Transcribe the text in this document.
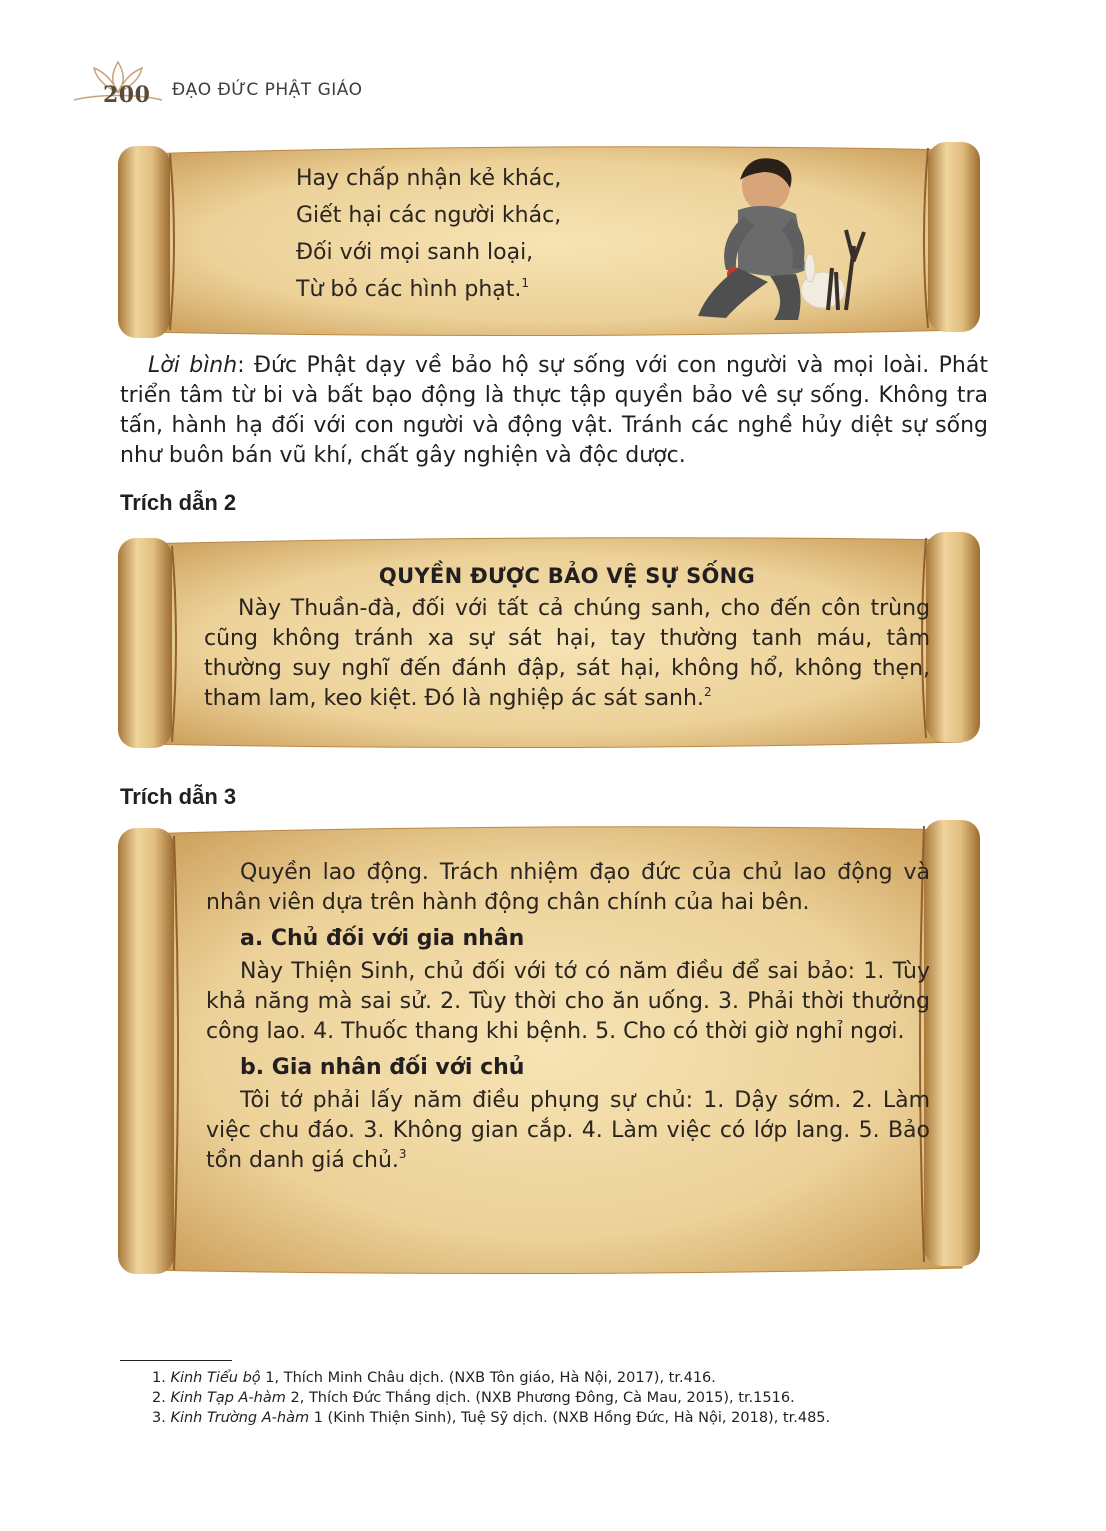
200 ĐẠO ĐỨC PHẬT GIÁO
Hay chấp nhận kẻ khác,
Giết hại các người khác,
Đối với mọi sanh loại,
Từ bỏ các hình phạt.$^1$
Lời bình: Đức Phật dạy về bảo hộ sự sống với con người và mọi loài. Phát triển tâm từ bi và bất bạo động là thực tập quyền bảo vê sự sống. Không tra tấn, hành hạ đối với con người và động vật. Tránh các nghề hủy diệt sự sống như buôn bán vũ khí, chất gây nghiện và độc dược.
Trích dẫn 2
QUYỀN ĐƯỢC BẢO VỆ SỰ SỐNG
Này Thuần-đà, đối với tất cả chúng sanh, cho đến côn trùng cũng không tránh xa sự sát hại, tay thường tanh máu, tâm thường suy nghĩ đến đánh đập, sát hại, không hổ, không thẹn, tham lam, keo kiệt. Đó là nghiệp ác sát sanh.$^2$
Trích dẫn 3
Quyền lao động. Trách nhiệm đạo đức của chủ lao động và nhân viên dựa trên hành động chân chính của hai bên.
a. Chủ đối với gia nhân
Này Thiện Sinh, chủ đối với tớ có năm điều để sai bảo: 1. Tùy khả năng mà sai sử. 2. Tùy thời cho ăn uống. 3. Phải thời thưởng công lao. 4. Thuốc thang khi bệnh. 5. Cho có thời giờ nghỉ ngơi.
b. Gia nhân đối với chủ
Tôi tớ phải lấy năm điều phụng sự chủ: 1. Dậy sớm. 2. Làm việc chu đáo. 3. Không gian cắp. 4. Làm việc có lớp lang. 5. Bảo tồn danh giá chủ.$^3$
1. Kinh Tiểu bộ 1, Thích Minh Châu dịch. (NXB Tôn giáo, Hà Nội, 2017), tr.416.
2. Kinh Tạp A-hàm 2, Thích Đức Thắng dịch. (NXB Phương Đông, Cà Mau, 2015), tr.1516.
3. Kinh Trường A-hàm 1 (Kinh Thiện Sinh), Tuệ Sỹ dịch. (NXB Hồng Đức, Hà Nội, 2018), tr.485.
